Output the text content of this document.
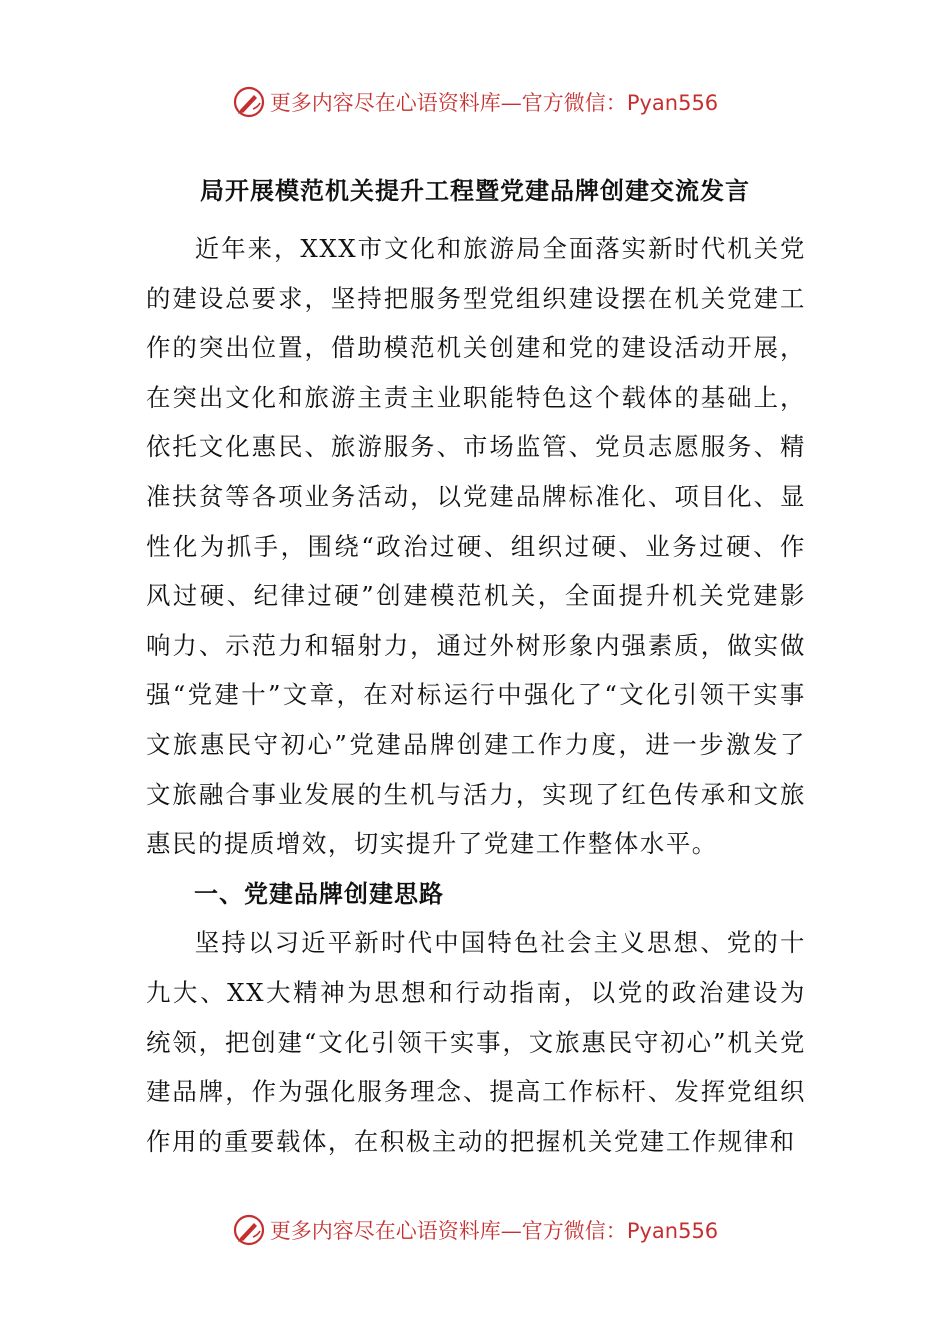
更多内容尽在心语资料库—官方微信：Pyan556
局开展模范机关提升工程暨党建品牌创建交流发言

近年来，XXX市文化和旅游局全面落实新时代机关党的建设总要求，坚持把服务型党组织建设摆在机关党建工作的突出位置，借助模范机关创建和党的建设活动开展，在突出文化和旅游主责主业职能特色这个载体的基础上，依托文化惠民、旅游服务、市场监管、党员志愿服务、精准扶贫等各项业务活动，以党建品牌标准化、项目化、显性化为抓手，围绕“政治过硬、组织过硬、业务过硬、作风过硬、纪律过硬”创建模范机关，全面提升机关党建影响力、示范力和辐射力，通过外树形象内强素质，做实做强“党建十”文章，在对标运行中强化了“文化引领干实事文旅惠民守初心”党建品牌创建工作力度，进一步激发了文旅融合事业发展的生机与活力，实现了红色传承和文旅惠民的提质增效，切实提升了党建工作整体水平。

一、党建品牌创建思路

坚持以习近平新时代中国特色社会主义思想、党的十九大、XX大精神为思想和行动指南，以党的政治建设为统领，把创建“文化引领干实事，文旅惠民守初心”机关党建品牌，作为强化服务理念、提高工作标杆、发挥党组织作用的重要载体，在积极主动的把握机关党建工作规律和

更多内容尽在心语资料库—官方微信：Pyan556
